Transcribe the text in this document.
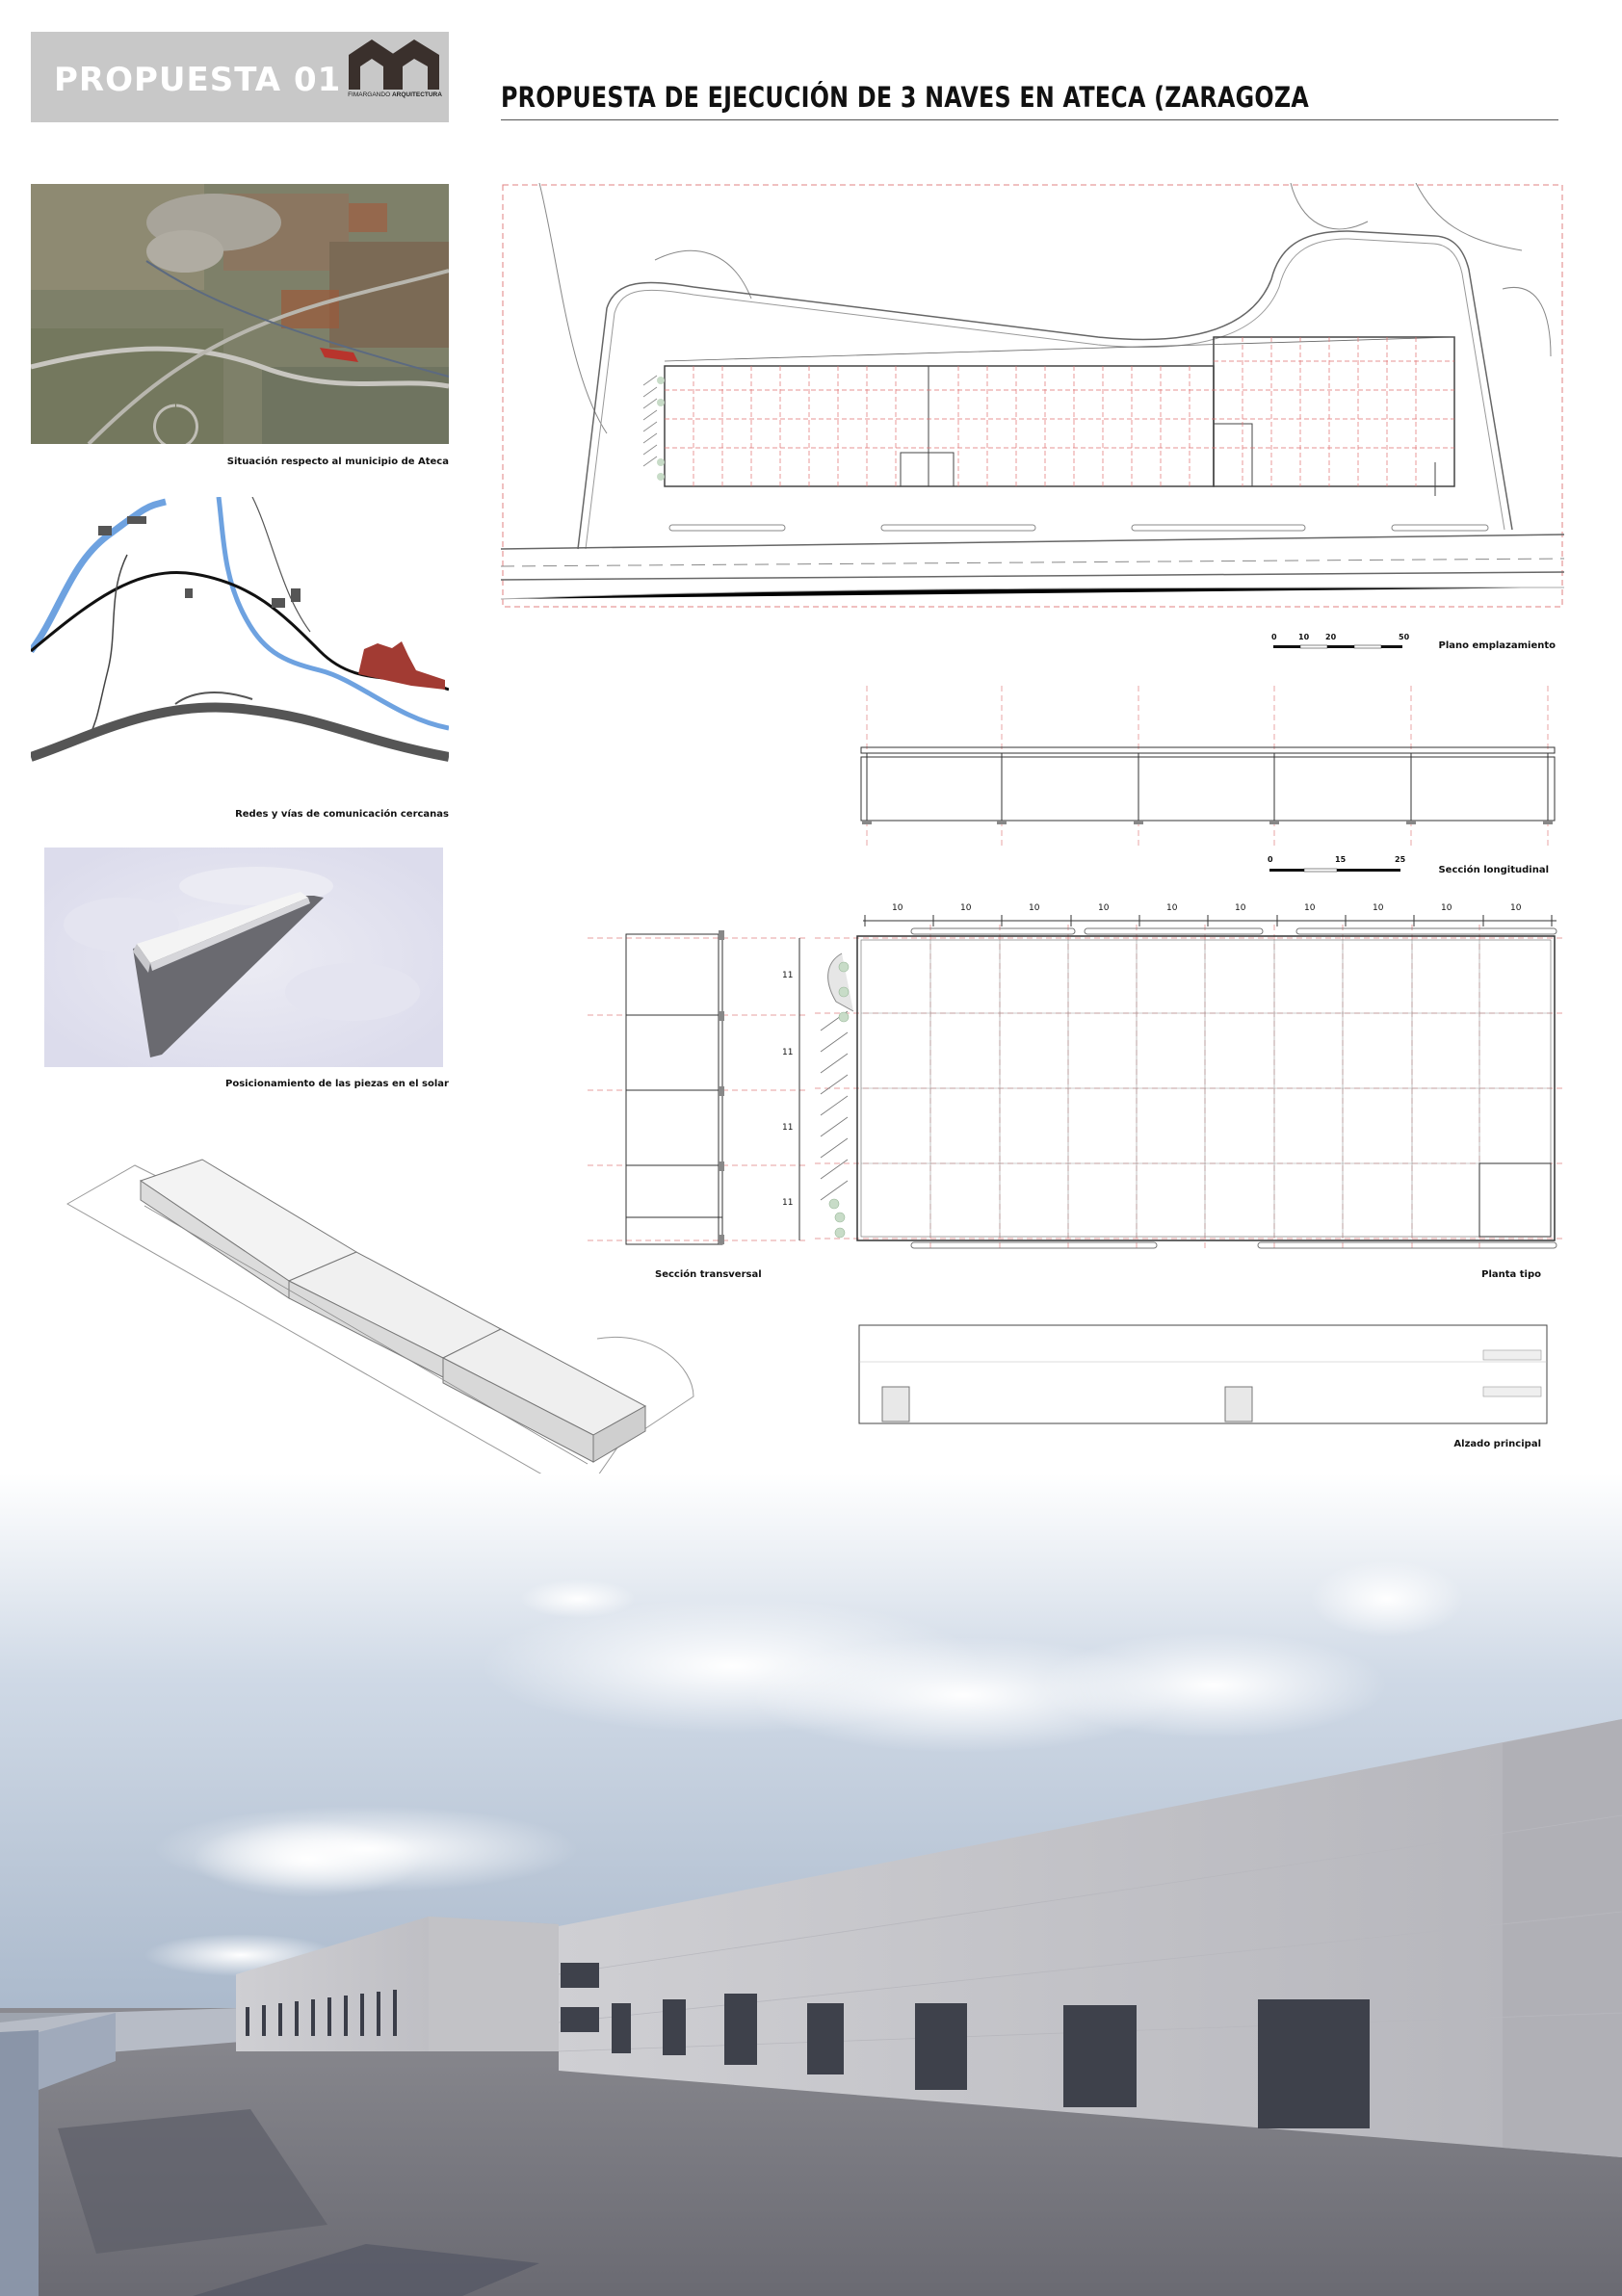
PROPUESTA 01 FIMARGANDO ARQUITECTURA PROPUESTA DE EJECUCIÓN DE 3 NAVES EN ATECA (ZARAGOZA
Situación respecto al municipio de Ateca
Redes y vías de comunicación cercanas
Posicionamiento de las piezas en el solar
0	10 20	50
Plano emplazamiento
0	15	25
Sección longitudinal
10	10	10	10	10	10	10	10	10	10
11
11
11
11
Sección transversal	Planta tipo
Alzado principal
